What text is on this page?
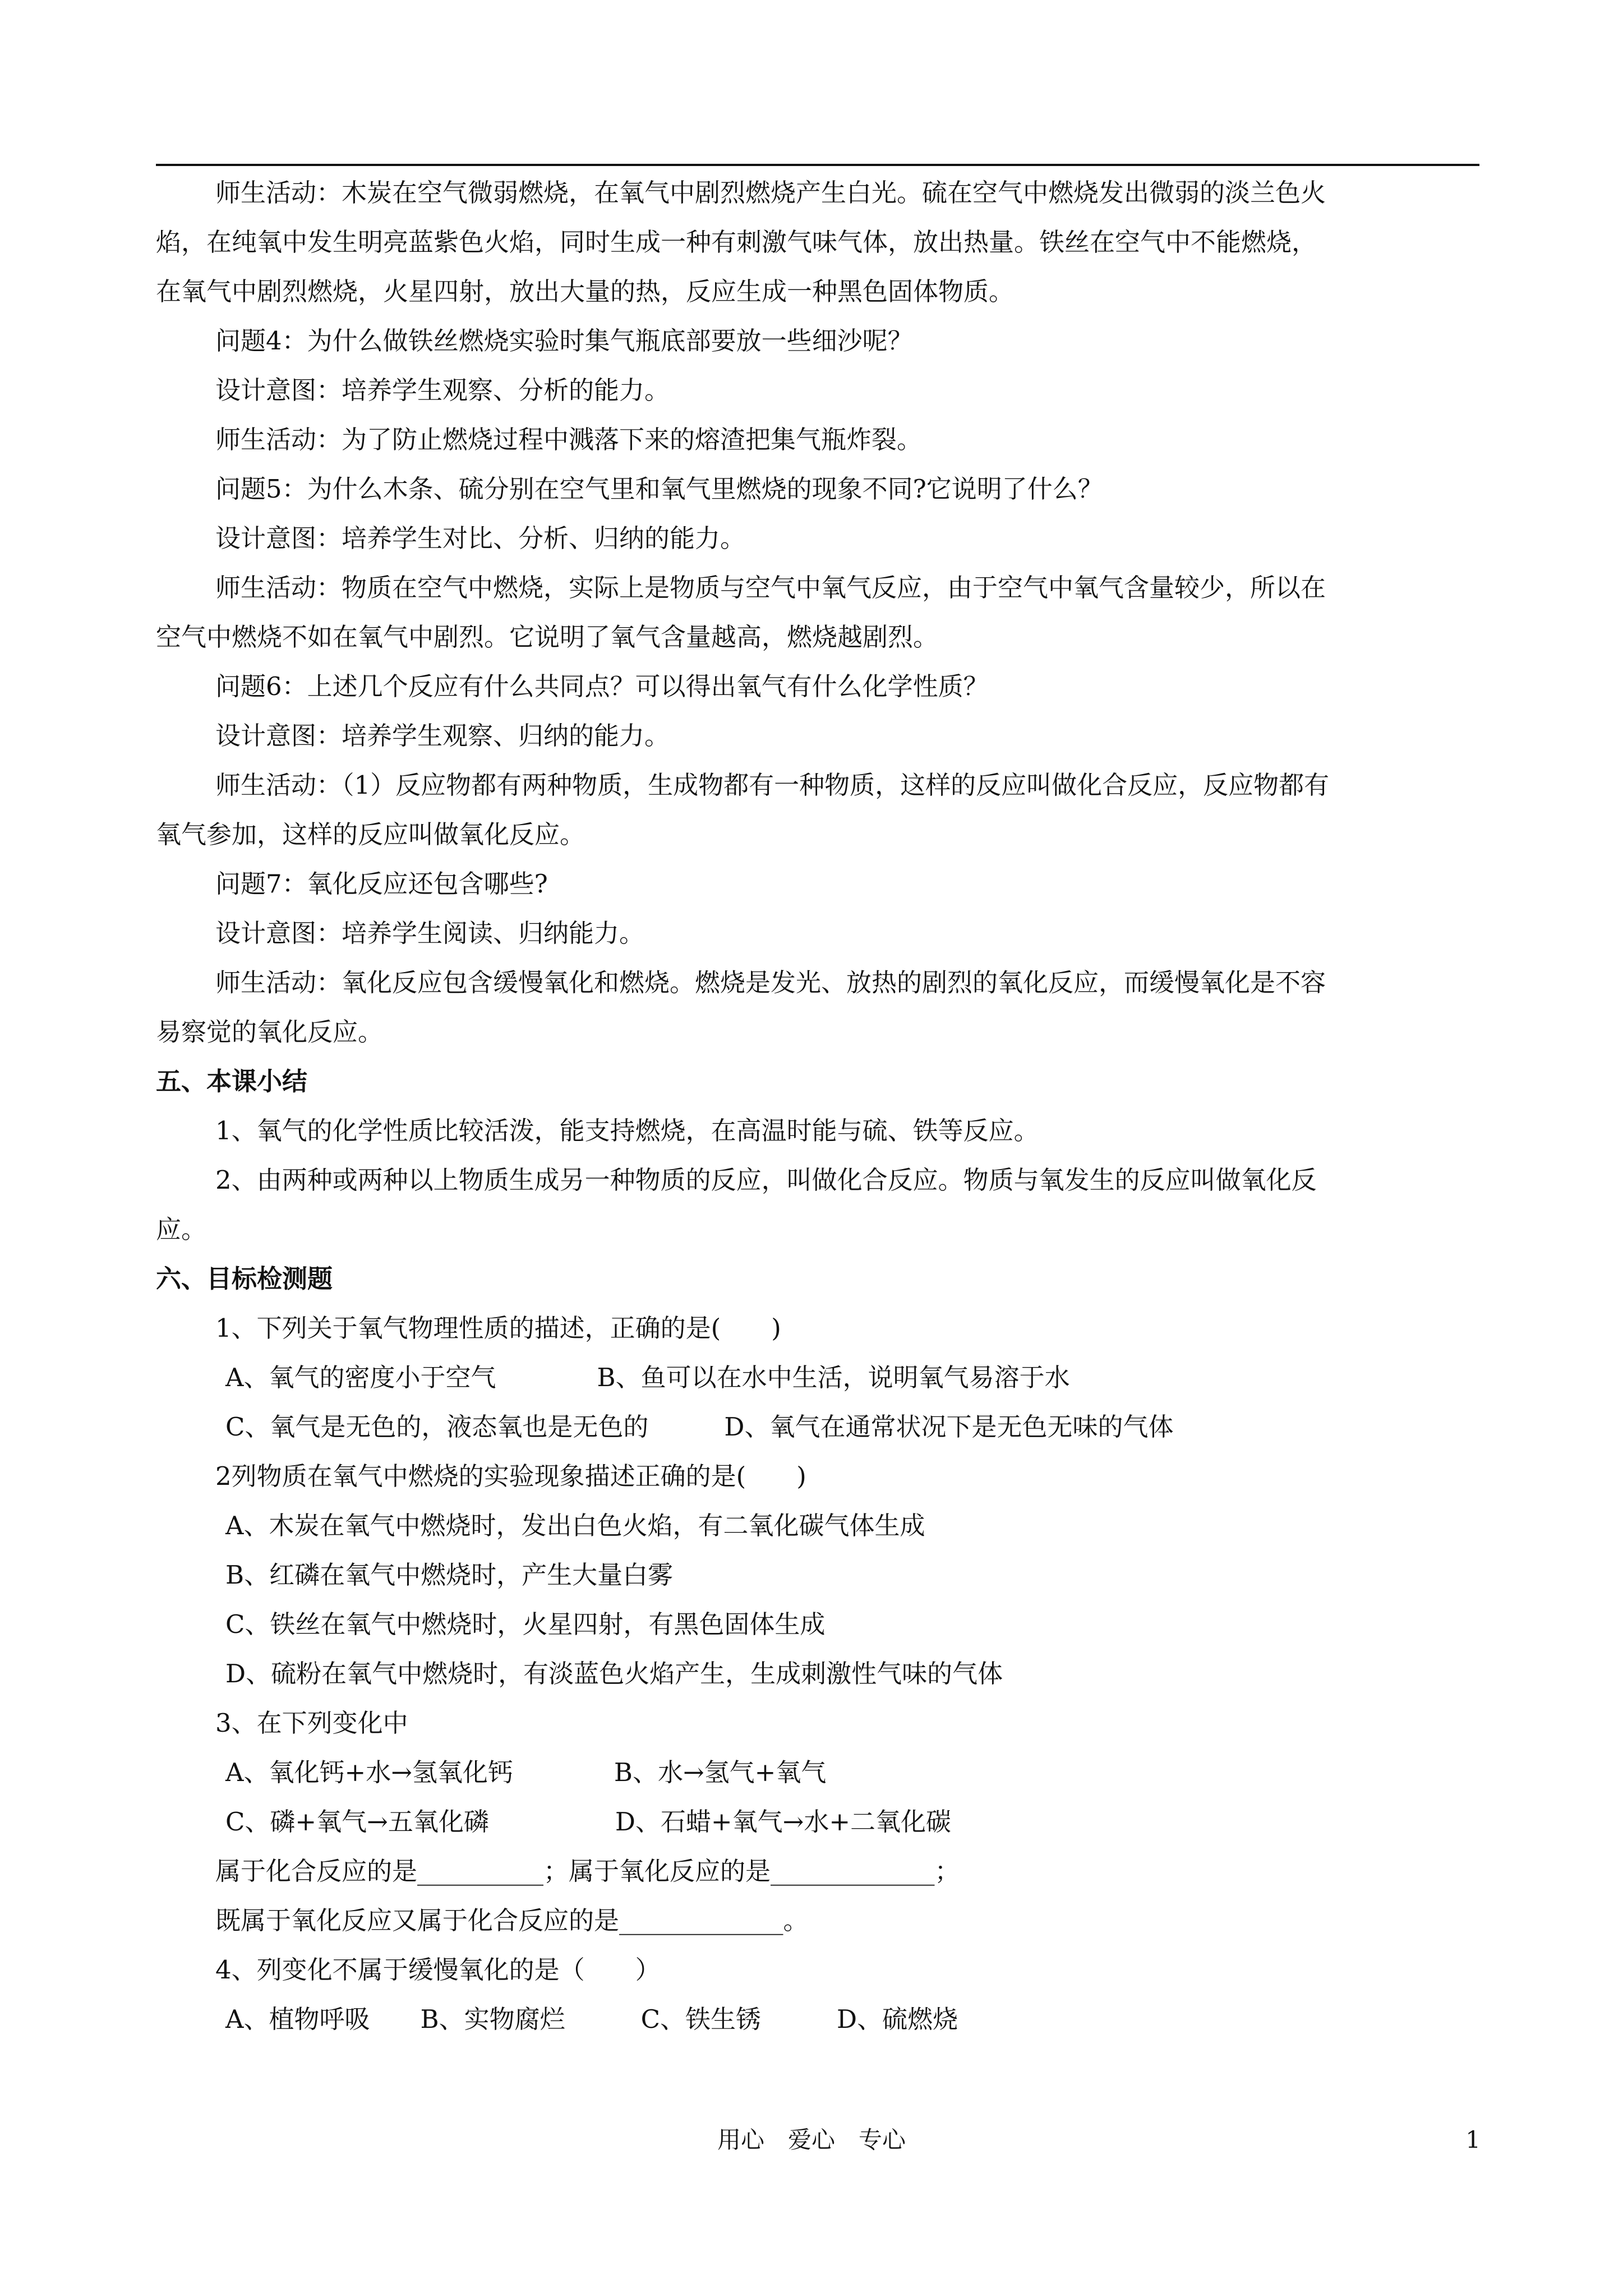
师生活动：木炭在空气微弱燃烧，在氧气中剧烈燃烧产生白光。硫在空气中燃烧发出微弱的淡兰色火
焰，在纯氧中发生明亮蓝紫色火焰，同时生成一种有刺激气味气体，放出热量。铁丝在空气中不能燃烧，
在氧气中剧烈燃烧，火星四射，放出大量的热，反应生成一种黑色固体物质。
问题4：为什么做铁丝燃烧实验时集气瓶底部要放一些细沙呢？
设计意图：培养学生观察、分析的能力。
师生活动：为了防止燃烧过程中溅落下来的熔渣把集气瓶炸裂。
问题5：为什么木条、硫分别在空气里和氧气里燃烧的现象不同?它说明了什么？
设计意图：培养学生对比、分析、归纳的能力。
师生活动：物质在空气中燃烧，实际上是物质与空气中氧气反应，由于空气中氧气含量较少，所以在
空气中燃烧不如在氧气中剧烈。它说明了氧气含量越高，燃烧越剧烈。
问题6：上述几个反应有什么共同点？可以得出氧气有什么化学性质？
设计意图：培养学生观察、归纳的能力。
师生活动：（1）反应物都有两种物质，生成物都有一种物质，这样的反应叫做化合反应，反应物都有
氧气参加，这样的反应叫做氧化反应。
问题7：氧化反应还包含哪些?
设计意图：培养学生阅读、归纳能力。
师生活动：氧化反应包含缓慢氧化和燃烧。燃烧是发光、放热的剧烈的氧化反应，而缓慢氧化是不容
易察觉的氧化反应。
五、本课小结
1、氧气的化学性质比较活泼，能支持燃烧，在高温时能与硫、铁等反应。
2、由两种或两种以上物质生成另一种物质的反应，叫做化合反应。物质与氧发生的反应叫做氧化反
应。
六、目标检测题
1、下列关于氧气物理性质的描述，正确的是(　　)
A、氧气的密度小于空气　　　　B、鱼可以在水中生活，说明氧气易溶于水
C、氧气是无色的，液态氧也是无色的　　　D、氧气在通常状况下是无色无味的气体
2列物质在氧气中燃烧的实验现象描述正确的是(　　)
A、木炭在氧气中燃烧时，发出白色火焰，有二氧化碳气体生成
B、红磷在氧气中燃烧时，产生大量白雾
C、铁丝在氧气中燃烧时，火星四射，有黑色固体生成
D、硫粉在氧气中燃烧时，有淡蓝色火焰产生，生成刺激性气味的气体
3、在下列变化中
A、氧化钙+水→氢氧化钙　　　　B、水→氢气+氧气
C、磷+氧气→五氧化磷　　　　　D、石蜡+氧气→水+二氧化碳
属于化合反应的是__________；属于氧化反应的是_____________；
既属于氧化反应又属于化合反应的是_____________。
4、列变化不属于缓慢氧化的是（　　）
A、植物呼吸　　B、实物腐烂　　　C、铁生锈　　　D、硫燃烧
用心　爱心　专心	1
